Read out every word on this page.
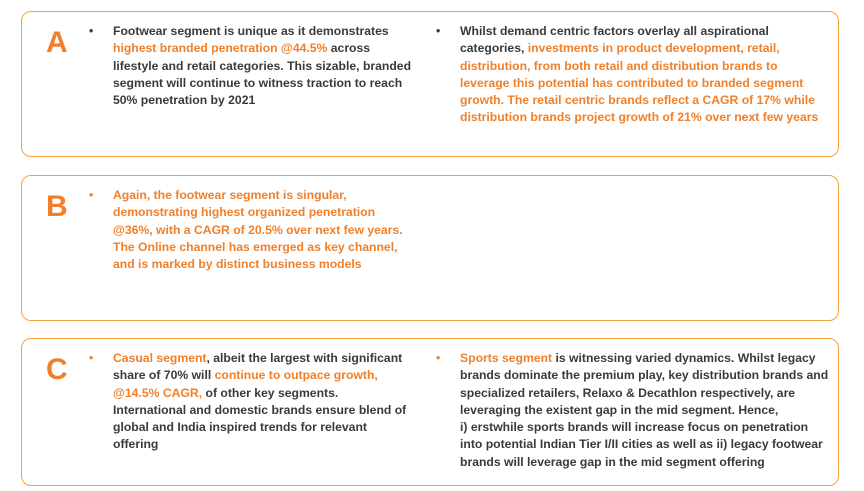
A • Footwear segment is unique as it demonstrates highest branded penetration @44.5% across lifestyle and retail categories. This sizable, branded segment will continue to witness traction to reach 50% penetration by 2021
• Whilst demand centric factors overlay all aspirational categories, investments in product development, retail, distribution, from both retail and distribution brands to leverage this potential has contributed to branded segment growth. The retail centric brands reflect a CAGR of 17% while distribution brands project growth of 21% over next few years
B • Again, the footwear segment is singular, demonstrating highest organized penetration @36%, with a CAGR of 20.5% over next few years. The Online channel has emerged as key channel, and is marked by distinct business models
C • Casual segment, albeit the largest with significant share of 70% will continue to outpace growth, @14.5% CAGR, of other key segments. International and domestic brands ensure blend of global and India inspired trends for relevant offering
• Sports segment is witnessing varied dynamics. Whilst legacy brands dominate the premium play, key distribution brands and specialized retailers, Relaxo & Decathlon respectively, are leveraging the existent gap in the mid segment. Hence,
i) erstwhile sports brands will increase focus on penetration into potential Indian Tier I/II cities as well as ii) legacy footwear brands will leverage gap in the mid segment offering
